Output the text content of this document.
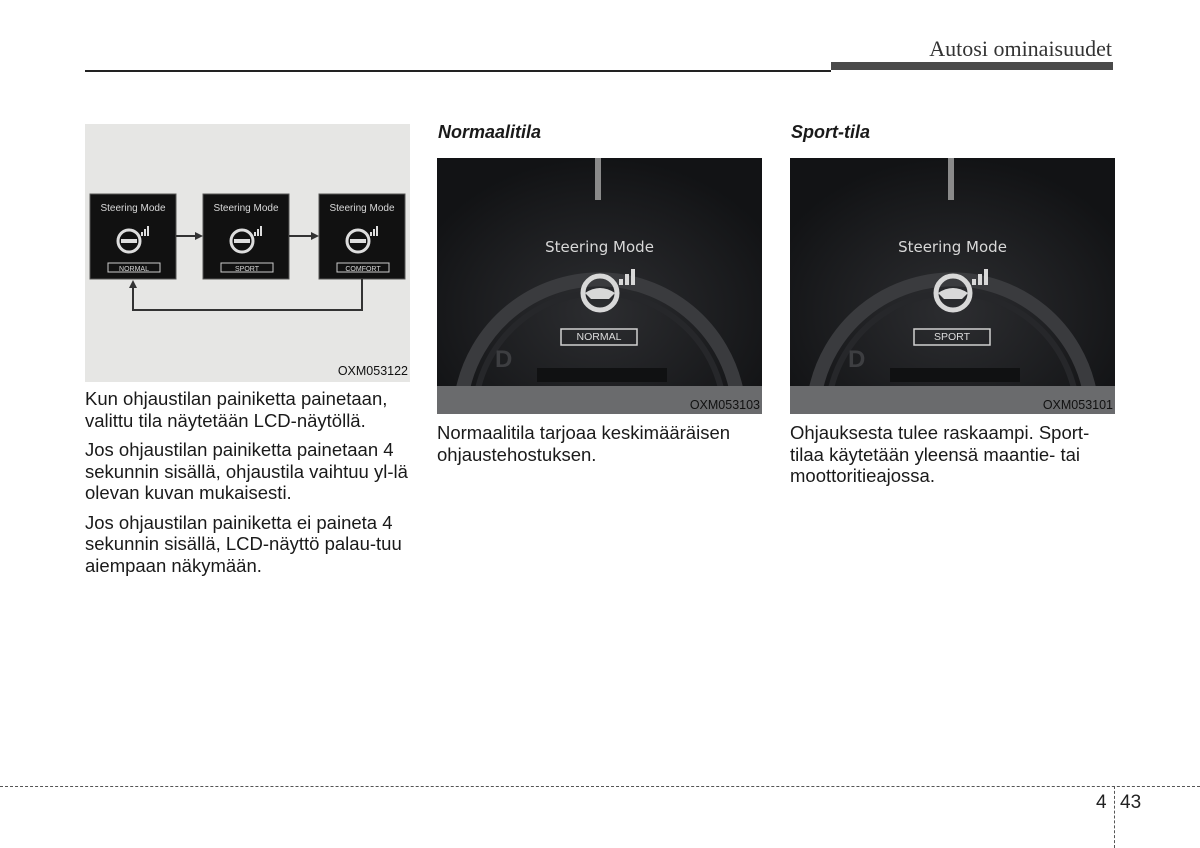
Autosi ominaisuudet
Steering Mode
NORMAL
Steering Mode
SPORT
Steering Mode
COMFORT
OXM053122

Kun ohjaustilan painiketta painetaan, valittu tila näytetään LCD-näytöllä.

Jos ohjaustilan painiketta painetaan 4 sekunnin sisällä, ohjaustila vaihtuu yl-lä olevan kuvan mukaisesti.

Jos ohjaustilan painiketta ei paineta 4 sekunnin sisällä, LCD-näyttö palau-tuu aiempaan näkymään.

Normaalitila
Steering Mode
NORMAL
D
OXM053103
Normaalitila tarjoaa keskimääräisen ohjaustehostuksen.
Sport-tila
Steering Mode
SPORT
D
OXM053101
Ohjauksesta tulee raskaampi. Sport-tilaa käytetään yleensä maantie- tai moottoritieajossa.
4 43
